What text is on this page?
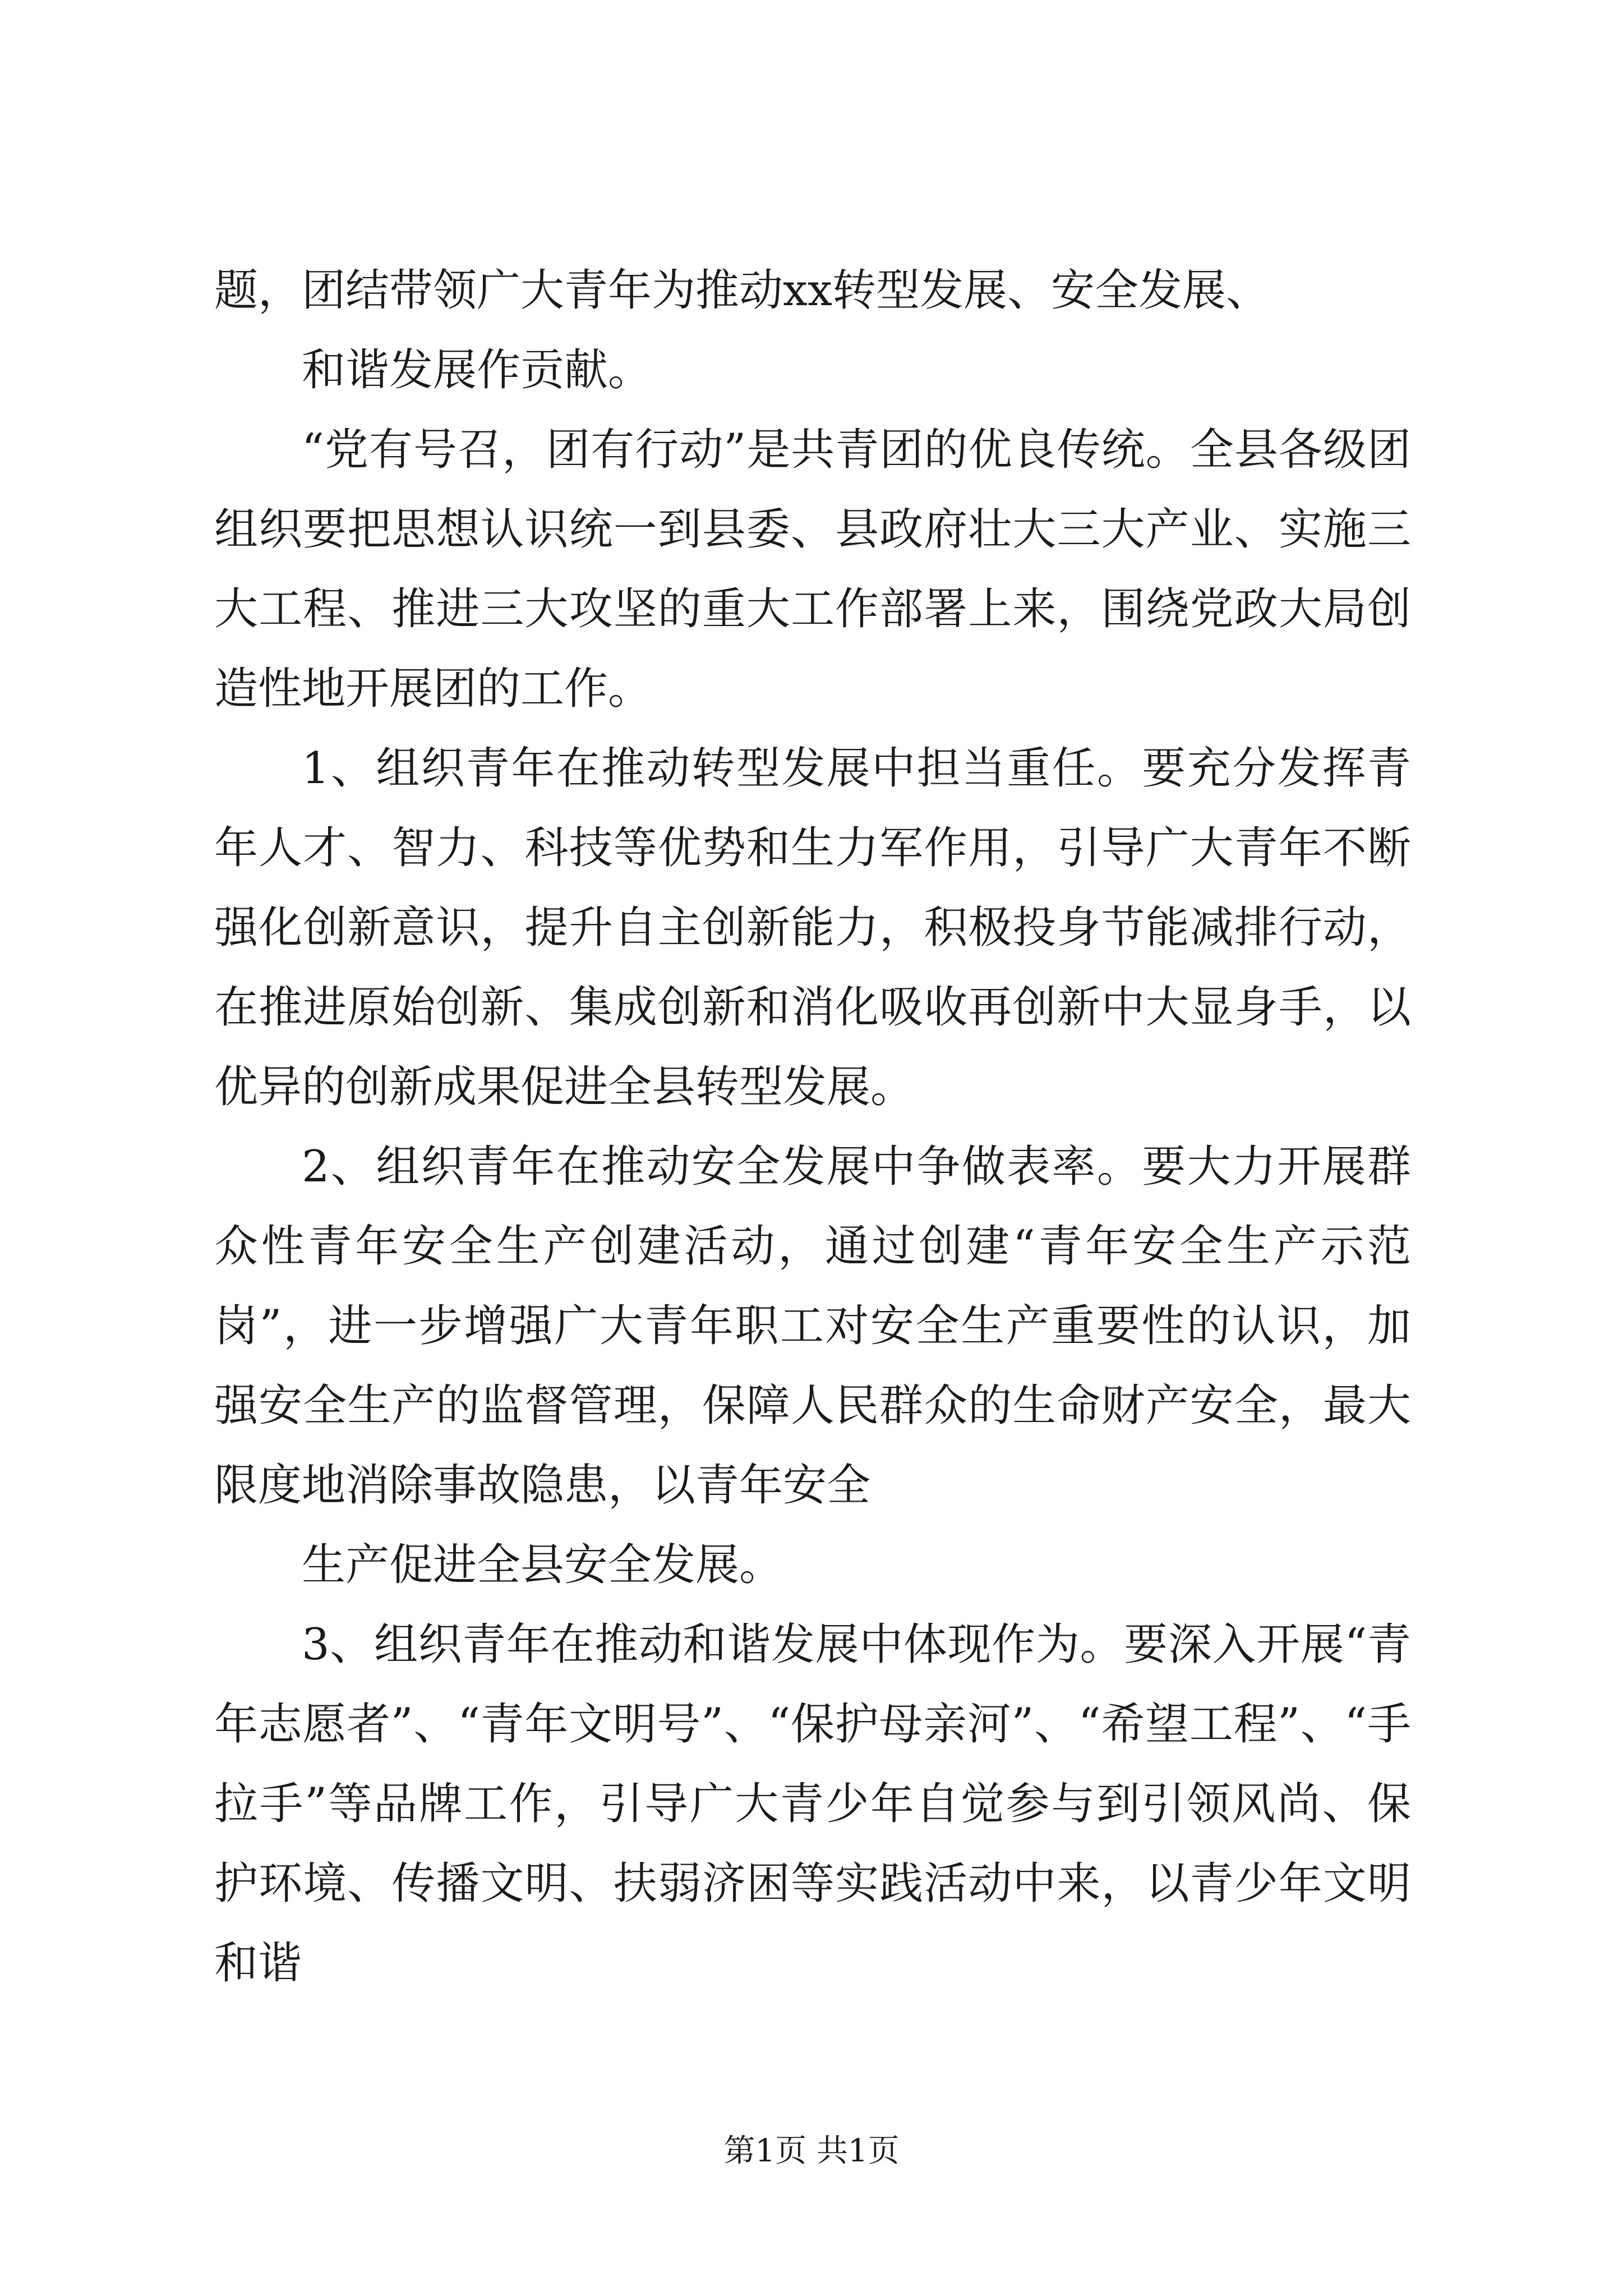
题，团结带领广大青年为推动xx转型发展、安全发展、

和谐发展作贡献。

“党有号召，团有行动”是共青团的优良传统。全县各级团组织要把思想认识统一到县委、县政府壮大三大产业、实施三大工程、推进三大攻坚的重大工作部署上来，围绕党政大局创造性地开展团的工作。

1、组织青年在推动转型发展中担当重任。要充分发挥青年人才、智力、科技等优势和生力军作用，引导广大青年不断强化创新意识，提升自主创新能力，积极投身节能减排行动，在推进原始创新、集成创新和消化吸收再创新中大显身手，以优异的创新成果促进全县转型发展。

2、组织青年在推动安全发展中争做表率。要大力开展群众性青年安全生产创建活动，通过创建“青年安全生产示范岗”，进一步增强广大青年职工对安全生产重要性的认识，加强安全生产的监督管理，保障人民群众的生命财产安全，最大限度地消除事故隐患，以青年安全

生产促进全县安全发展。

3、组织青年在推动和谐发展中体现作为。要深入开展“青年志愿者”、“青年文明号”、“保护母亲河”、“希望工程”、“手拉手”等品牌工作，引导广大青少年自觉参与到引领风尚、保护环境、传播文明、扶弱济困等实践活动中来，以青少年文明和谐

第1页 共1页
